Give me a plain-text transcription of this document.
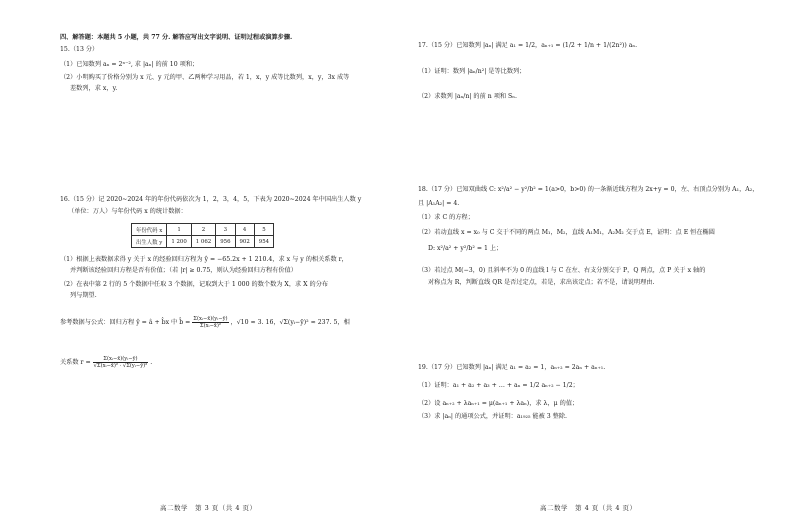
四、解答题：本题共 5 小题，共 77 分. 解答应写出文字说明、证明过程或演算步骤.
15.（13 分）
（1）已知数列 aₙ = 2ⁿ⁻², 求 |aₙ| 的前 10 项和；
（2）小明购买了价格分别为 x 元、y 元的甲、乙两种学习用品，若 1，x，y 成等比数列，x，y，3x 成等
差数列，求 x，y.
16.（15 分）记 2020~2024 年的年份代码依次为 1，2，3，4，5，下表为 2020~2024 年中国出生人数 y
（单位：万人）与年份代码 x 的统计数据：
年份代码 x	1	2	3	4	5
出生人数 y	1 200	1 062	956	902	954
（1）根据上表数据求得 y 关于 x 的经验回归方程为 ŷ = −65.2x + 1 210.4，求 x 与 y 的相关系数 r，
并判断该经验回归方程是否有价值；（若 |r| ≥ 0.75，则认为经验回归方程有价值）
（2）在表中第 2 行的 5 个数据中任取 3 个数据，记取到大于 1 000 的数个数为 X，求 X 的分布
列与期望.
参考数据与公式：回归方程 ŷ = â + b̂x 中 b̂ = $\frac{\text{Σ(xᵢ−x̄)(yᵢ−ȳ)}}{\text{Σ(xᵢ−x̄)²}}$ ，√10 ≈ 3. 16，√Σ(yᵢ−ȳ)² ≈ 237. 5，相
关系数 $r = \frac{\text{Σ(xᵢ−x̄)(yᵢ−ȳ)}}{\text{√Σ(xᵢ−x̄)² · √Σ(yᵢ−ȳ)²}}$ .
高二数学　第 3 页（共 4 页）
17.（15 分）已知数列 |aₙ| 满足 a₁ = 1/2，aₙ₊₁ = (1/2 + 1/n + 1/(2n²)) aₙ.
（1）证明：数列 |aₙ/n²| 是等比数列；
（2）求数列 |aₙ/n| 的前 n 项和 Sₙ.
18.（17 分）已知双曲线 C: x²/a² − y²/b² = 1(a>0，b>0) 的一条渐近线方程为 2x+y = 0，左、右顶点分别为 A₁，A₂，
且 |A₁A₂| = 4.
（1）求 C 的方程；
（2）若动直线 x = x₀ 与 C 交于不同的两点 M₁，M₂，直线 A₁M₁，A₂M₂ 交于点 E，证明：点 E 恒在椭圆
D: x²/a² + y²/b² = 1 上；
（3）若过点 M(−3，0) 且斜率不为 0 的直线 l 与 C 在左、右支分别交于 P，Q 两点，点 P 关于 x 轴的
对称点为 R，判断直线 QR 是否过定点，若是，求出该定点；若不是，请说明理由.
19.（17 分）已知数列 |aₙ| 满足 a₁ = a₂ = 1，aₙ₊₂ = 2aₙ + aₙ₊₁.
（1）证明：a₁ + a₂ + a₃ + … + aₙ = 1/2 aₙ₊₂ − 1/2；
（2）设 aₙ₊₂ + λaₙ₊₁ = μ(aₙ₊₁ + λaₙ)，求 λ，μ 的值；
（3）求 |aₙ| 的通项公式，并证明：a₁₉₂₅ 能被 3 整除.
高二数学　第 4 页（共 4 页）
